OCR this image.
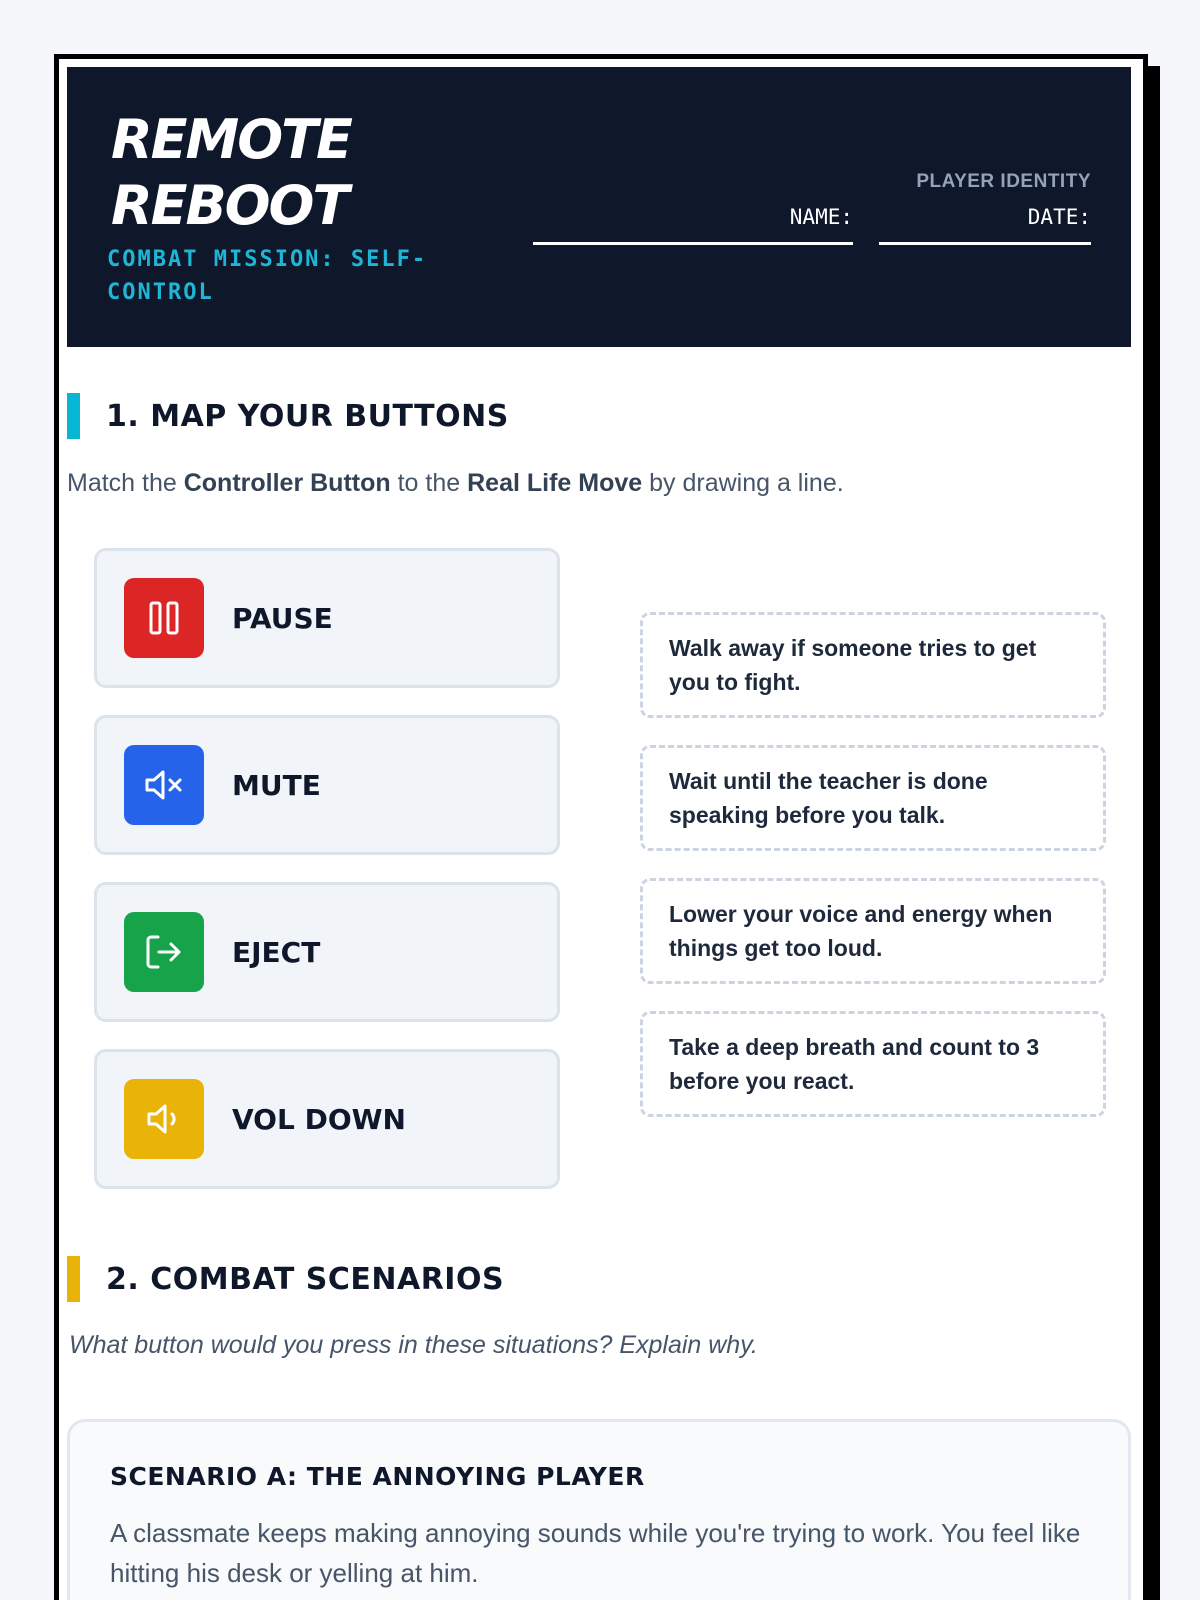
REMOTE
REBOOT
COMBAT MISSION: SELF-CONTROL
PLAYER IDENTITY
NAME:	DATE:
1. MAP YOUR BUTTONS
Match the Controller Button to the Real Life Move by drawing a line.
PAUSE
MUTE
EJECT
VOL DOWN
Walk away if someone tries to get you to fight.
Wait until the teacher is done speaking before you talk.
Lower your voice and energy when things get too loud.
Take a deep breath and count to 3 before you react.
2. COMBAT SCENARIOS
What button would you press in these situations? Explain why.
SCENARIO A: THE ANNOYING PLAYER
A classmate keeps making annoying sounds while you're trying to work. You feel like hitting his desk or yelling at him.
